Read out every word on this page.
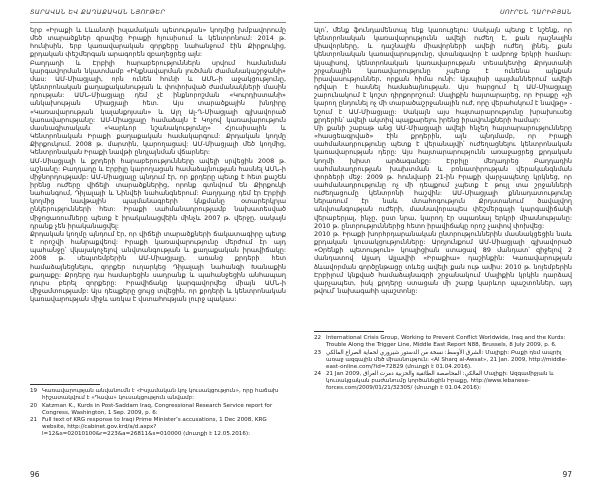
ՏԱՐԱՎԱՆ ԵՎ ՔԱՂԱՔԱԿԱՆ ՆՅՈՒԹԵՐ

երբ «Իրաքի և Լևանտի իսլամական պետության» կողմից խմբավորումը մեծ տարածքներ գրավեց Իրաքի հյուսիսում և կենտրոնում: 2014 թ. հունիսին, երբ կառավարական զորքերը նահանջում էին Քիրքուկից, քրդական փեշմերգան արագորեն զբաղեցրեց այն:
Բաղդադի և Էրբիլի հարաբերություններն սրվում համանման կարգավորման նկատմամբ «Ինքնավարման լուծման ժամանակաշրջանի» մաս: ԱՄ-Միացյալի, որն ունեն հունի և ԱՄՆ-ի աջակցությունը, կենտրոնական քաղաքականության և փոփոխված ժամանակների մասին դրության: ԱՄՆ-Միացյալը դեմ չէ ինքնորոշման «Կուրդիստանի» անկախության Միացյալի հետ. Այս տարածքային խնդիրը «Կառավարության կալանքոյսան» և Ալղ Ալ-Ղ-Միացյալի գլխավորած կառավարությանը: ԱՄ-Միացյալը համաձայն է Կոչով կառավարություն մասնագիտական «Կարևոր նշանակությունը» Հյուսիսային և Կենտրոնական Իրաքի քաղաքական համակարգում: Քրդական կողմը Քիրքուկում, 2008 թ. մարտին, կարողացավ: ԱՄ-Միացյալի մեծ կողմից, Կենտրոնական Իրաքի նավթի ընդլայնման վճարներ:
ԱՄ-Միացյալի և քրդերի հարաբերությունները ավելի սրվեցին 2008 թ. աշնանը: Բաղդադը և Էրբիլը կարողացան համաձայնության հասնել ԱՄՆ-ի միջնորդությամբ: ԱՄ-Միացյալը պնդում էր, որ քրդերը պետք է հետ քաշեն իրենց ուժերը վիճելի տարածքներից, որոնք գտնվում են Քիրքուկի նահանգում, Դիյալայի և Նինվեի նահանգներում: Բաղդադը դեմ էր Էրբիլի կողմից նավթային պայմանագրերի կնքմանը օտարերկրյա ընկերությունների հետ: Իրաքի սահմանադրությամբ նախատեսված միջոցառումները պետք է իրականացվեին մինչև 2007 թ. վերջը, սակայն դրանք չեն իրականացվել:
Քրդական կողմը պնդում էր, որ վիճելի տարածքների ճակատագիրը պետք է որոշվի հանրաքվեով: Իրաքի կառավարությունը մերժում էր այդ պահանջը՝ վկայակոչելով անվտանգության և քաղաքական իրավիճակը: 2008 թ. սեպտեմբերին ԱՄ-Միացյալը, առանց քրդերի հետ համաձայնեցնելու, զորքեր ուղարկեց Դիյալայի նահանգի Խանաքին քաղաքը: Քրդերը դա համարեցին սադրանք և պահանջեցին անհապաղ դուրս բերել զորքերը: Իրավիճակը կարգավորվեց միայն ԱՄՆ-ի միջամտությամբ: Այս դեպքերը ցույց տվեցին, որ քրդերի և կենտրոնական կառավարության միջև առկա է վստահության լուրջ պակաս:

19 Կառավարության անվանումն է «Իսլամական կոչ կուսակցություն», որը հաճախ հիշատակվում է «Դավա» կուսակցություն անվամբ:
20 Katzman K., Kurds in Post-Saddam Iraq, Congressional Research Service report for Congress, Washington, 1 Sep. 2009, p. 6:
21 Full text of KRG response to Iraqi Prime Minister’s accusations, 1 Dec 2008, KRG website, http://cabinet.gov.krd/a/d.aspx?l=12&s=02010100&r=223&a=26811&s=010000 (մուտքի է 12.05.2016):
96
ՍՈՒՐԵՆ ՂԱՐԻԲՅԱՆ

Ալո՛, մենք ֆունդամենտալ ենք կառուցելու: Սակայն պետք է նշենք, որ կենտրոնական կառավարությունն ավելի ուժեղ է, քան դաշնային միավորները, և դաշնային միավորների ավելի ուժեղ լինել, քան կենտրոնական կառավարությունը, վտանգավոր է ամբողջ երկրի համար: Այսպիսով, կենտրոնական կառավարության տեսակետից Քրդստանի շրջանային կառավարությունը չպետք է ունենա այնքան իրավասություններ, որքան հիմա ունի: Այսպիսի պայմաններում ավելի դժվար է հասնել համաձայնության. Այս հարցում էլ ԱՄ-Միացյալը շարունակում է կոշտ դիրքորոշում: Մալիքին հայտարարեց, որ Իրաքը «չի կարող ընդունել ոչ մի տարածաշրջանային ուժ, որը վերահսկում է նավթը» - նշում է ԱՄ-Միացյալը: Սակայն այս հայտարարությունը խրախուսեց քրդերին՝ ավելի ակտիվ պայքարելու իրենց իրավունքների համար:
Մի քանի շաբաթ անց ԱՄ-Միացյալի ավելի հնչեղ հայտարարությունները «հասցեագրված» էին քրդերին, այն պնդմամբ, որ Իրաքի սահմանադրությունը պետք է վերանայվի՝ ուժեղացնելու կենտրոնական կառավարության դերը: Այս հայտարարությունն առաջացրեց քրդական կողմի խիստ արձագանքը: Էրբիլը մեղադրեց Բաղդադին սահմանադրության խախտման և բռնատիրության վերականգնման փորձերի մեջ: 2009 թ. հունվարի 21-ին Իրաքի վարչապետը կրկնեց, որ սահմանադրությունը ոչ մի դեպքում չպետք է թույլ տա շրջանների ուժեղացումը կենտրոնի հաշվին: ԱՄ-Միացյալի քննադատությունը ներառում էր նաև մտահոգություն Քրդստանում ծավալվող անվտանգության ուժերի, մասնավորապես փեշմերգայի կարգավիճակի վերաբերյալ, ինչը, ըստ նրա, կարող էր սպառնալ երկրի միասնությանը: 2010 թ. ընտրություններից հետո իրավիճակը որոշ չափով փոխվեց:
2010 թ. Իրաքի խորհրդարանական ընտրություններին մասնակցեցին նաև քրդական կուսակցությունները: Արդյունքում ԱՄ-Միացյալի գլխավորած «Օրենքի պետություն» կոալիցիան ստացավ 89 մանդատ՝ զիջելով 2 մանդատով Այյադ Ալլավիի «Իրաքիա» դաշինքին: Կառավարության ձևավորման գործընթացը տևեց ավելի քան ութ ամիս: 2010 թ. նոյեմբերին Էրբիլում կնքված համաձայնագրի շրջանակում Մալիքին կրկին դարձավ վարչապետ, իսկ քրդերը ստացան մի շարք կարևոր պաշտոններ, այդ թվում՝ նախագահի պաշտոնը:

22 International Crisis Group, Working to Prevent Conflict Worldwide, Iraq and the Kurds: Trouble Along the Trigger Line, Middle East Report N88, Brussels, 8 July 2009, p. 6.
23 الشرق الأوسط: نسخة من الدستور شيروري لحماية الصراع المالكي: Մալիքի: Բաքի դեմ ապրիլ առաջ ազգային մեծ միասնություն: «Al Sharq al-Awsat», 21 Jan. 2009, http://middle-east-online.com/?id=72829 (մուտքի է 01.04.2016).
24 21 Jan 2009, المالكي: المحاصصة الطائفية والحزبية دمرت العراق Մալիքի: Ազգամիջյան և կուսակցական բաժանումը կործանեցին Իրաքը, http://www.lebanese-forces.com/2009/01/21/32305/ (մուտքի է 01.04.2016):
97
